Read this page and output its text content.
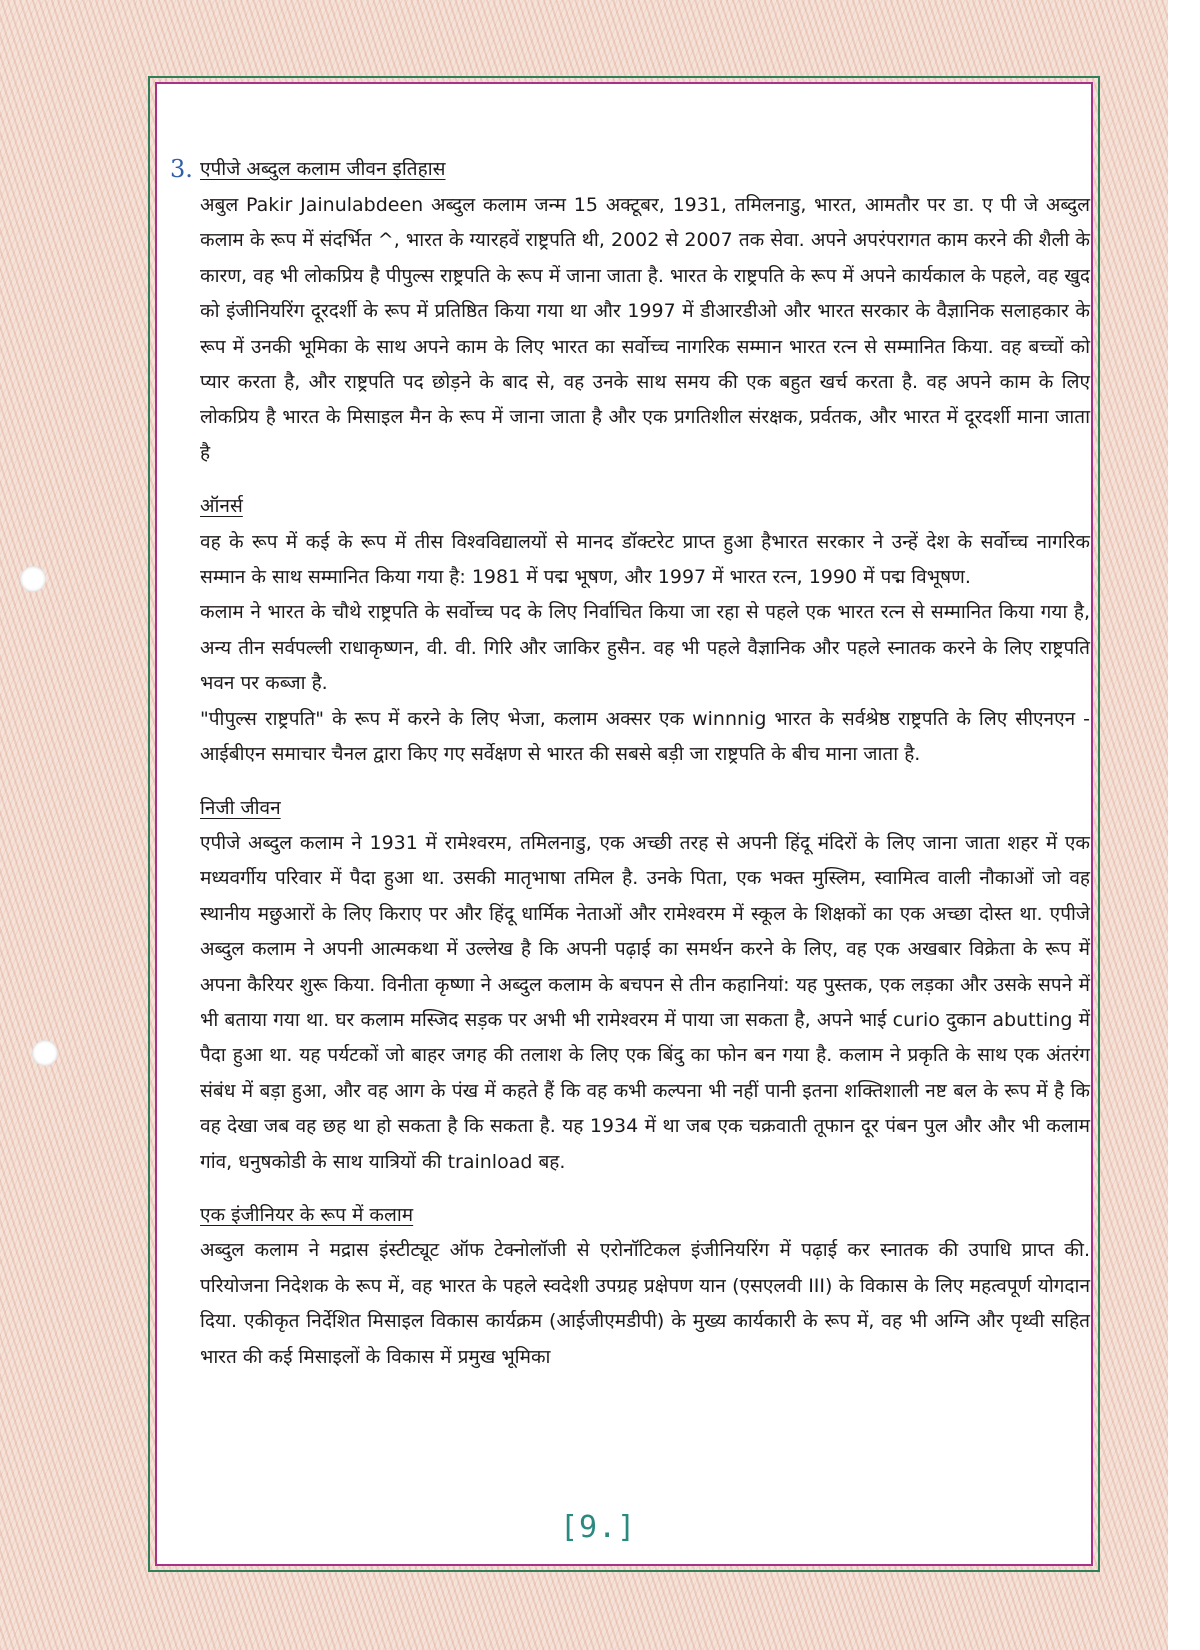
3. एपीजे अब्दुल कलाम जीवन इतिहास

अबुल Pakir Jainulabdeen अब्दुल कलाम जन्म 15 अक्टूबर, 1931, तमिलनाडु, भारत, आमतौर पर डा. ए पी जे अब्दुल कलाम के रूप में संदर्भित ^, भारत के ग्यारहवें राष्ट्रपति थी, 2002 से 2007 तक सेवा. अपने अपरंपरागत काम करने की शैली के कारण, वह भी लोकप्रिय है पीपुल्स राष्ट्रपति के रूप में जाना जाता है. भारत के राष्ट्रपति के रूप में अपने कार्यकाल के पहले, वह खुद को इंजीनियरिंग दूरदर्शी के रूप में प्रतिष्ठित किया गया था और 1997 में डीआरडीओ और भारत सरकार के वैज्ञानिक सलाहकार के रूप में उनकी भूमिका के साथ अपने काम के लिए भारत का सर्वोच्च नागरिक सम्मान भारत रत्न से सम्मानित किया. वह बच्चों को प्यार करता है, और राष्ट्रपति पद छोड़ने के बाद से, वह उनके साथ समय की एक बहुत खर्च करता है. वह अपने काम के लिए लोकप्रिय है भारत के मिसाइल मैन के रूप में जाना जाता है और एक प्रगतिशील संरक्षक, प्रर्वतक, और भारत में दूरदर्शी माना जाता है

ऑनर्स

वह के रूप में कई के रूप में तीस विश्वविद्यालयों से मानद डॉक्टरेट प्राप्त हुआ हैभारत सरकार ने उन्हें देश के सर्वोच्च नागरिक सम्मान के साथ सम्मानित किया गया है: 1981 में पद्म भूषण, और 1997 में भारत रत्न, 1990 में पद्म विभूषण.

कलाम ने भारत के चौथे राष्ट्रपति के सर्वोच्च पद के लिए निर्वाचित किया जा रहा से पहले एक भारत रत्न से सम्मानित किया गया है, अन्य तीन सर्वपल्ली राधाकृष्णन, वी. वी. गिरि और जाकिर हुसैन. वह भी पहले वैज्ञानिक और पहले स्नातक करने के लिए राष्ट्रपति भवन पर कब्जा है.

"पीपुल्स राष्ट्रपति" के रूप में करने के लिए भेजा, कलाम अक्सर एक winnnig भारत के सर्वश्रेष्ठ राष्ट्रपति के लिए सीएनएन - आईबीएन समाचार चैनल द्वारा किए गए सर्वेक्षण से भारत की सबसे बड़ी जा राष्ट्रपति के बीच माना जाता है.

निजी जीवन

एपीजे अब्दुल कलाम ने 1931 में रामेश्वरम, तमिलनाडु, एक अच्छी तरह से अपनी हिंदू मंदिरों के लिए जाना जाता शहर में एक मध्यवर्गीय परिवार में पैदा हुआ था. उसकी मातृभाषा तमिल है. उनके पिता, एक भक्त मुस्लिम, स्वामित्व वाली नौकाओं जो वह स्थानीय मछुआरों के लिए किराए पर और हिंदू धार्मिक नेताओं और रामेश्वरम में स्कूल के शिक्षकों का एक अच्छा दोस्त था. एपीजे अब्दुल कलाम ने अपनी आत्मकथा में उल्लेख है कि अपनी पढ़ाई का समर्थन करने के लिए, वह एक अखबार विक्रेता के रूप में अपना कैरियर शुरू किया. विनीता कृष्णा ने अब्दुल कलाम के बचपन से तीन कहानियां: यह पुस्तक, एक लड़का और उसके सपने में भी बताया गया था. घर कलाम मस्जिद सड़क पर अभी भी रामेश्वरम में पाया जा सकता है, अपने भाई curio दुकान abutting में पैदा हुआ था. यह पर्यटकों जो बाहर जगह की तलाश के लिए एक बिंदु का फोन बन गया है. कलाम ने प्रकृति के साथ एक अंतरंग संबंध में बड़ा हुआ, और वह आग के पंख में कहते हैं कि वह कभी कल्पना भी नहीं पानी इतना शक्तिशाली नष्ट बल के रूप में है कि वह देखा जब वह छह था हो सकता है कि सकता है. यह 1934 में था जब एक चक्रवाती तूफान दूर पंबन पुल और और भी कलाम गांव, धनुषकोडी के साथ यात्रियों की trainload बह.

एक इंजीनियर के रूप में कलाम

अब्दुल कलाम ने मद्रास इंस्टीट्यूट ऑफ टेक्नोलॉजी से एरोनॉटिकल इंजीनियरिंग में पढ़ाई कर स्नातक की उपाधि प्राप्त की. परियोजना निदेशक के रूप में, वह भारत के पहले स्वदेशी उपग्रह प्रक्षेपण यान (एसएलवी III) के विकास के लिए महत्वपूर्ण योगदान दिया. एकीकृत निर्देशित मिसाइल विकास कार्यक्रम (आईजीएमडीपी) के मुख्य कार्यकारी के रूप में, वह भी अग्नि और पृथ्वी सहित भारत की कई मिसाइलों के विकास में प्रमुख भूमिका

[9.]
